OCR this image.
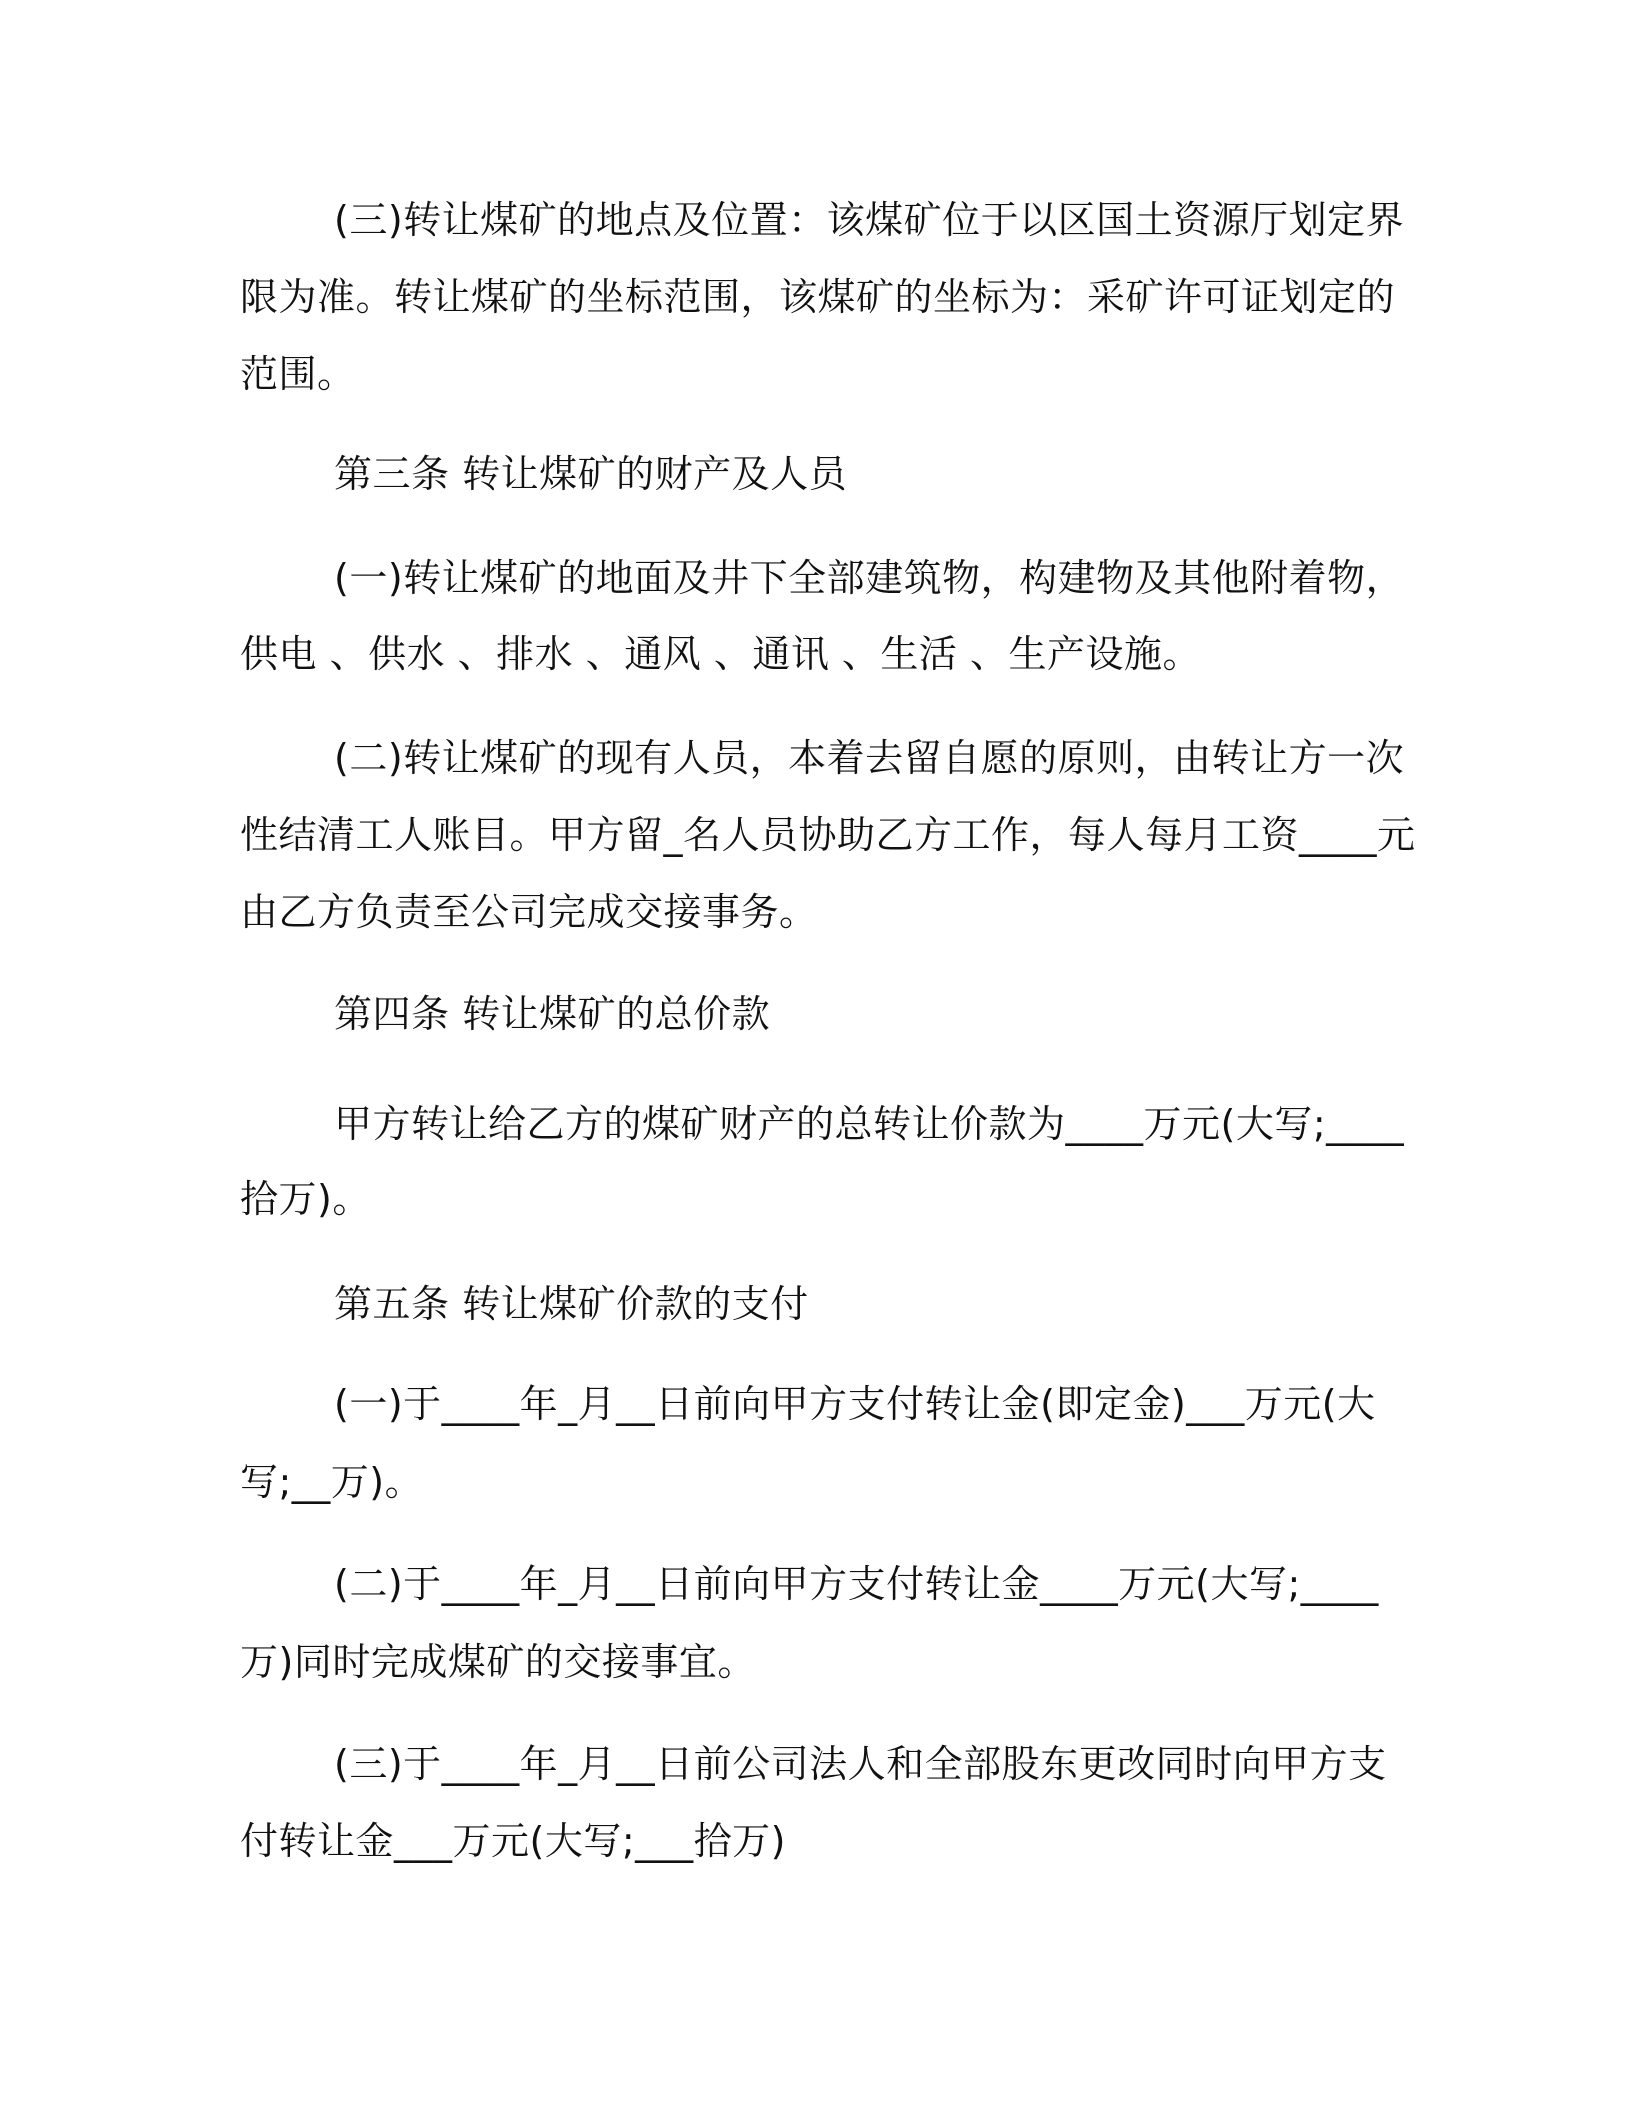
(三)转让煤矿的地点及位置：该煤矿位于以区国土资源厅划定界
限为准。转让煤矿的坐标范围，该煤矿的坐标为：采矿许可证划定的
范围。
第三条 转让煤矿的财产及人员
(一)转让煤矿的地面及井下全部建筑物，构建物及其他附着物，
供电 、供水 、排水 、通风 、通讯 、生活 、生产设施。
(二)转让煤矿的现有人员，本着去留自愿的原则，由转让方一次
性结清工人账目。甲方留_名人员协助乙方工作，每人每月工资____元
由乙方负责至公司完成交接事务。
第四条 转让煤矿的总价款
甲方转让给乙方的煤矿财产的总转让价款为____万元(大写;____
拾万)。
第五条 转让煤矿价款的支付
(一)于____年_月__日前向甲方支付转让金(即定金)___万元(大
写;__万)。
(二)于____年_月__日前向甲方支付转让金____万元(大写;____
万)同时完成煤矿的交接事宜。
(三)于____年_月__日前公司法人和全部股东更改同时向甲方支
付转让金___万元(大写;___拾万)
